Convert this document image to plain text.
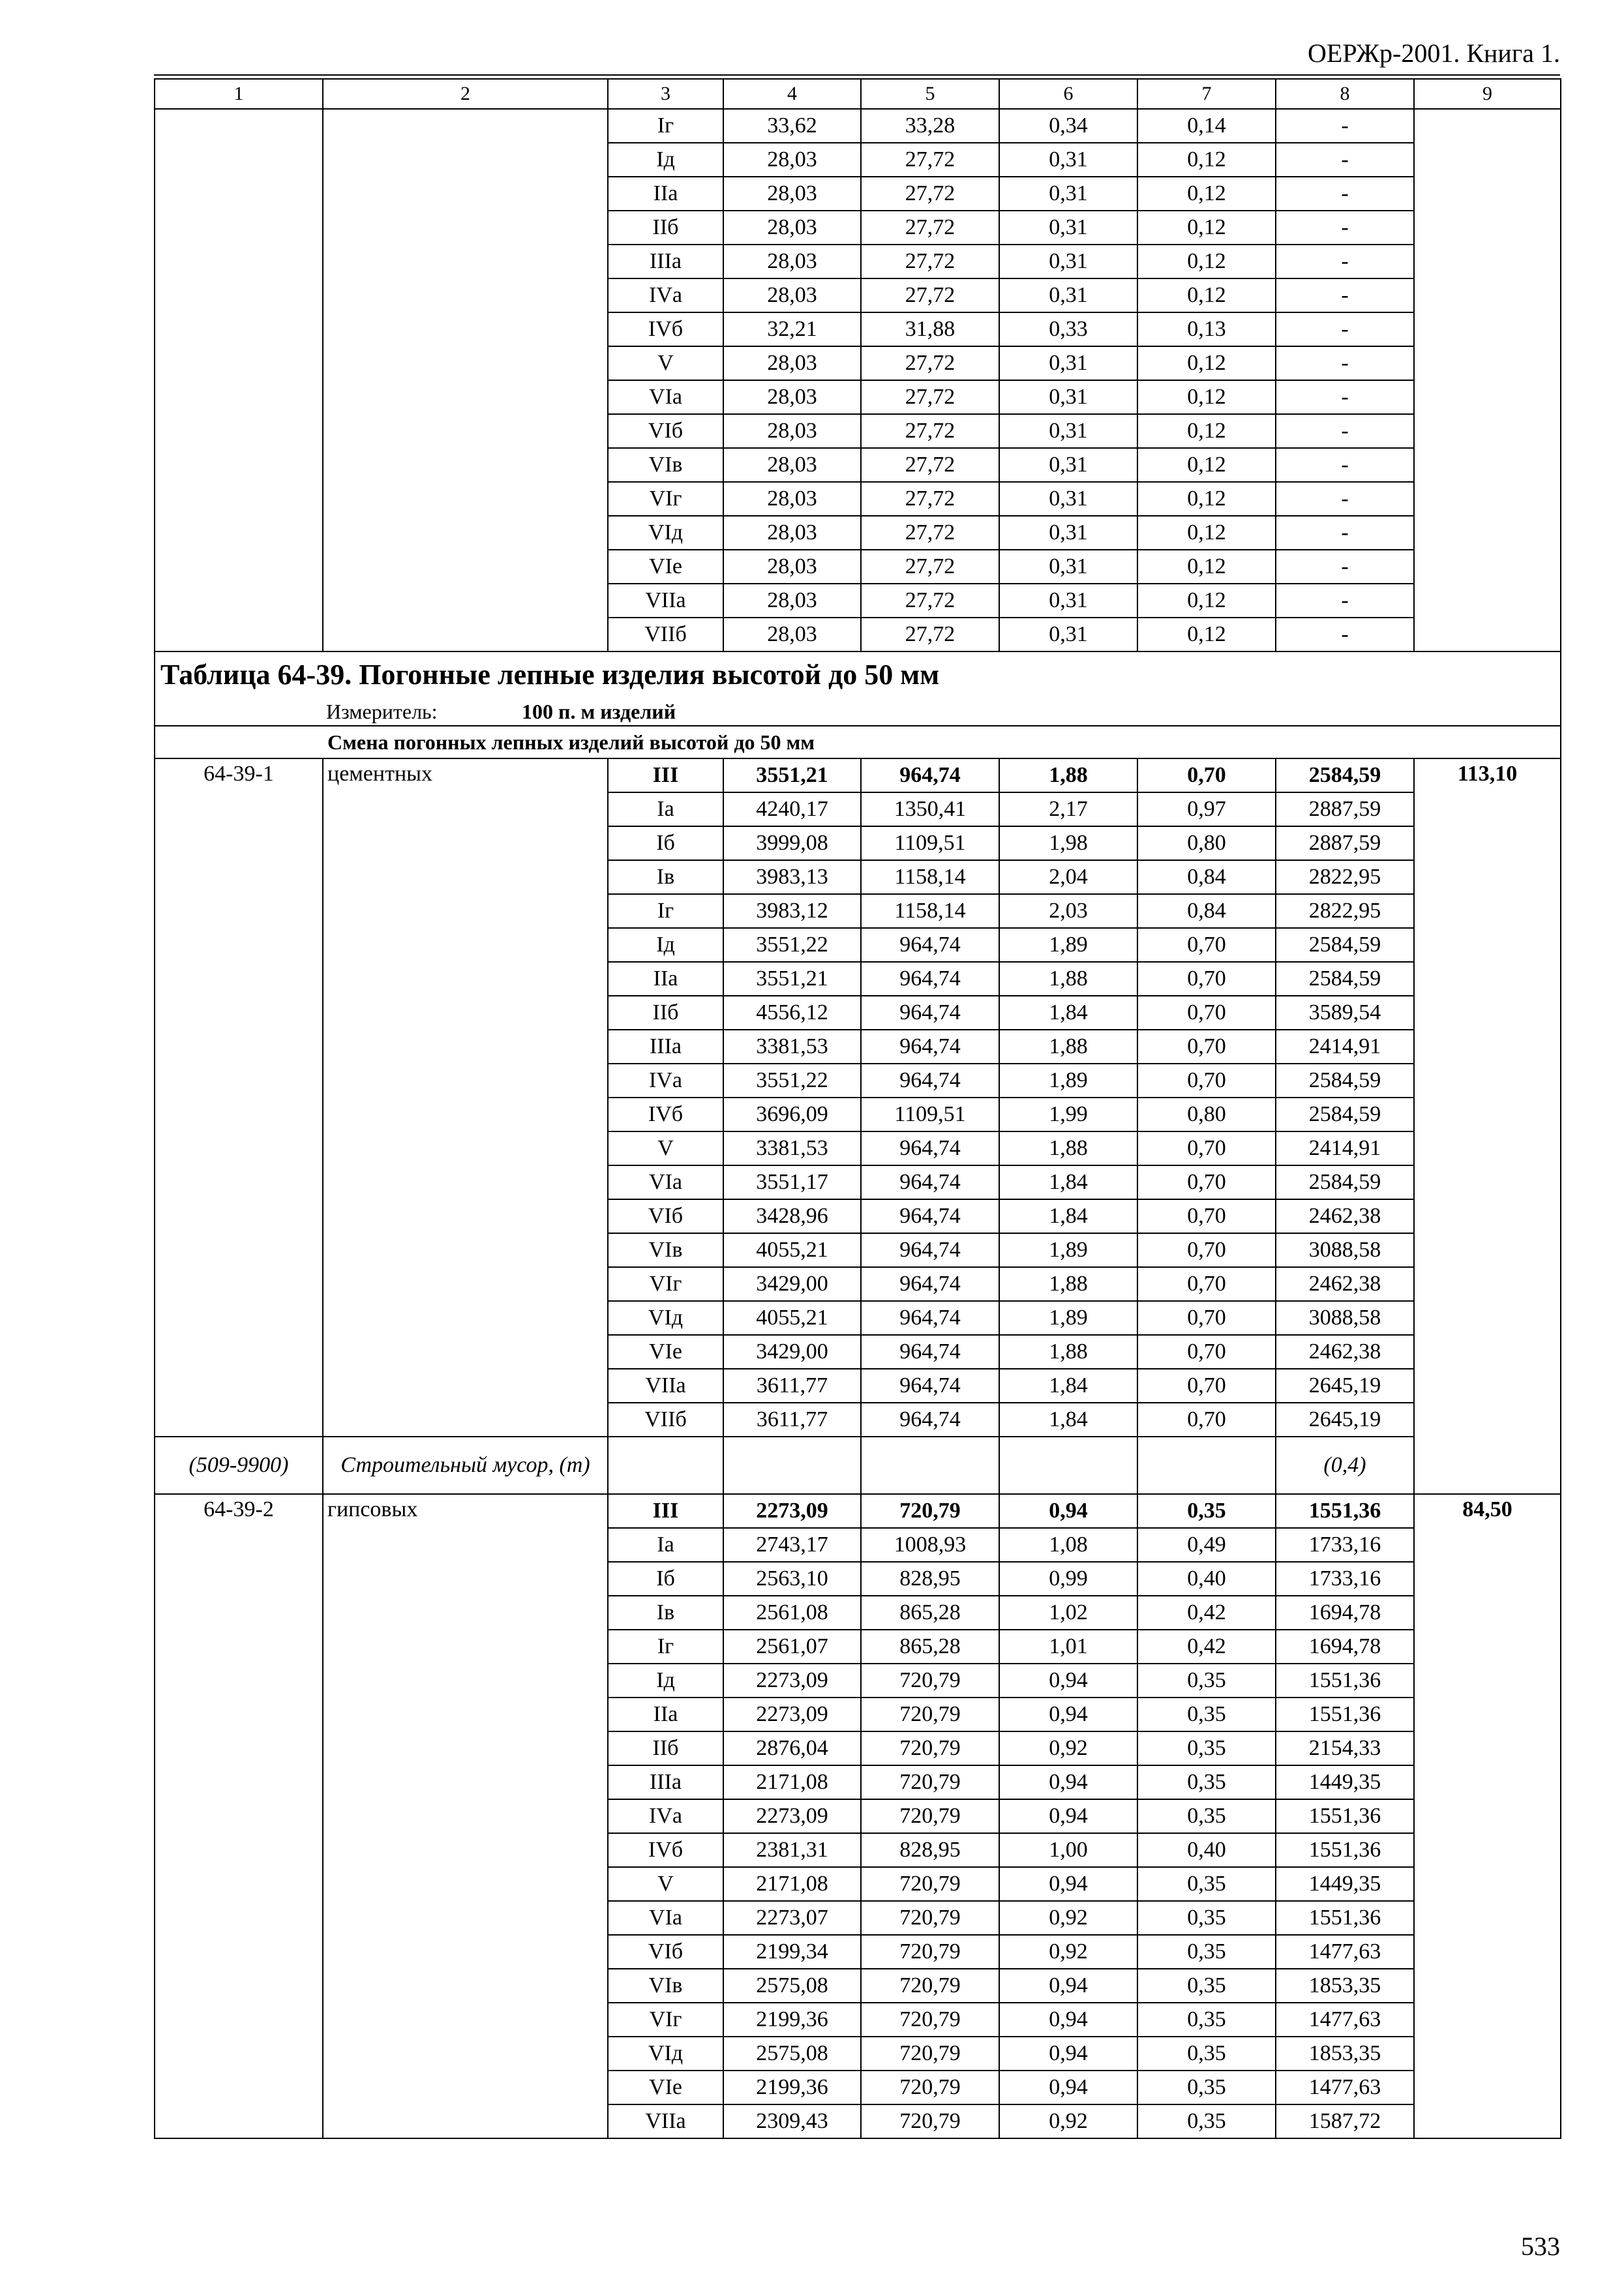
ОЕРЖр-2001. Книга 1.
1	2	3	4	5	6	7	8	9
		Iг	33,62	33,28	0,34	0,14	-	
		Iд	28,03	27,72	0,31	0,12	-	
		IIа	28,03	27,72	0,31	0,12	-	
		IIб	28,03	27,72	0,31	0,12	-	
		IIIа	28,03	27,72	0,31	0,12	-	
		IVа	28,03	27,72	0,31	0,12	-	
		IVб	32,21	31,88	0,33	0,13	-	
		V	28,03	27,72	0,31	0,12	-	
		VIа	28,03	27,72	0,31	0,12	-	
		VIб	28,03	27,72	0,31	0,12	-	
		VIв	28,03	27,72	0,31	0,12	-	
		VIг	28,03	27,72	0,31	0,12	-	
		VIд	28,03	27,72	0,31	0,12	-	
		VIе	28,03	27,72	0,31	0,12	-	
		VIIа	28,03	27,72	0,31	0,12	-	
		VIIб	28,03	27,72	0,31	0,12	-	
Таблица 64-39. Погонные лепные изделия высотой до 50 мм								
Измеритель: 100 п. м изделий								
Смена погонных лепных изделий высотой до 50 мм								
64-39-1	цементных	III	3551,21	964,74	1,88	0,70	2584,59	113,10
		Iа	4240,17	1350,41	2,17	0,97	2887,59	
		Iб	3999,08	1109,51	1,98	0,80	2887,59	
		Iв	3983,13	1158,14	2,04	0,84	2822,95	
		Iг	3983,12	1158,14	2,03	0,84	2822,95	
		Iд	3551,22	964,74	1,89	0,70	2584,59	
		IIа	3551,21	964,74	1,88	0,70	2584,59	
		IIб	4556,12	964,74	1,84	0,70	3589,54	
		IIIа	3381,53	964,74	1,88	0,70	2414,91	
		IVа	3551,22	964,74	1,89	0,70	2584,59	
		IVб	3696,09	1109,51	1,99	0,80	2584,59	
		V	3381,53	964,74	1,88	0,70	2414,91	
		VIа	3551,17	964,74	1,84	0,70	2584,59	
		VIб	3428,96	964,74	1,84	0,70	2462,38	
		VIв	4055,21	964,74	1,89	0,70	3088,58	
		VIг	3429,00	964,74	1,88	0,70	2462,38	
		VIд	4055,21	964,74	1,89	0,70	3088,58	
		VIе	3429,00	964,74	1,88	0,70	2462,38	
		VIIа	3611,77	964,74	1,84	0,70	2645,19	
		VIIб	3611,77	964,74	1,84	0,70	2645,19	
(509-9900)	Строительный мусор, (т)						(0,4)	
64-39-2	гипсовых	III	2273,09	720,79	0,94	0,35	1551,36	84,50
		Iа	2743,17	1008,93	1,08	0,49	1733,16	
		Iб	2563,10	828,95	0,99	0,40	1733,16	
		Iв	2561,08	865,28	1,02	0,42	1694,78	
		Iг	2561,07	865,28	1,01	0,42	1694,78	
		Iд	2273,09	720,79	0,94	0,35	1551,36	
		IIа	2273,09	720,79	0,94	0,35	1551,36	
		IIб	2876,04	720,79	0,92	0,35	2154,33	
		IIIа	2171,08	720,79	0,94	0,35	1449,35	
		IVа	2273,09	720,79	0,94	0,35	1551,36	
		IVб	2381,31	828,95	1,00	0,40	1551,36	
		V	2171,08	720,79	0,94	0,35	1449,35	
		VIа	2273,07	720,79	0,92	0,35	1551,36	
		VIб	2199,34	720,79	0,92	0,35	1477,63	
		VIв	2575,08	720,79	0,94	0,35	1853,35	
		VIг	2199,36	720,79	0,94	0,35	1477,63	
		VIд	2575,08	720,79	0,94	0,35	1853,35	
		VIе	2199,36	720,79	0,94	0,35	1477,63	
		VIIа	2309,43	720,79	0,92	0,35	1587,72	
533
